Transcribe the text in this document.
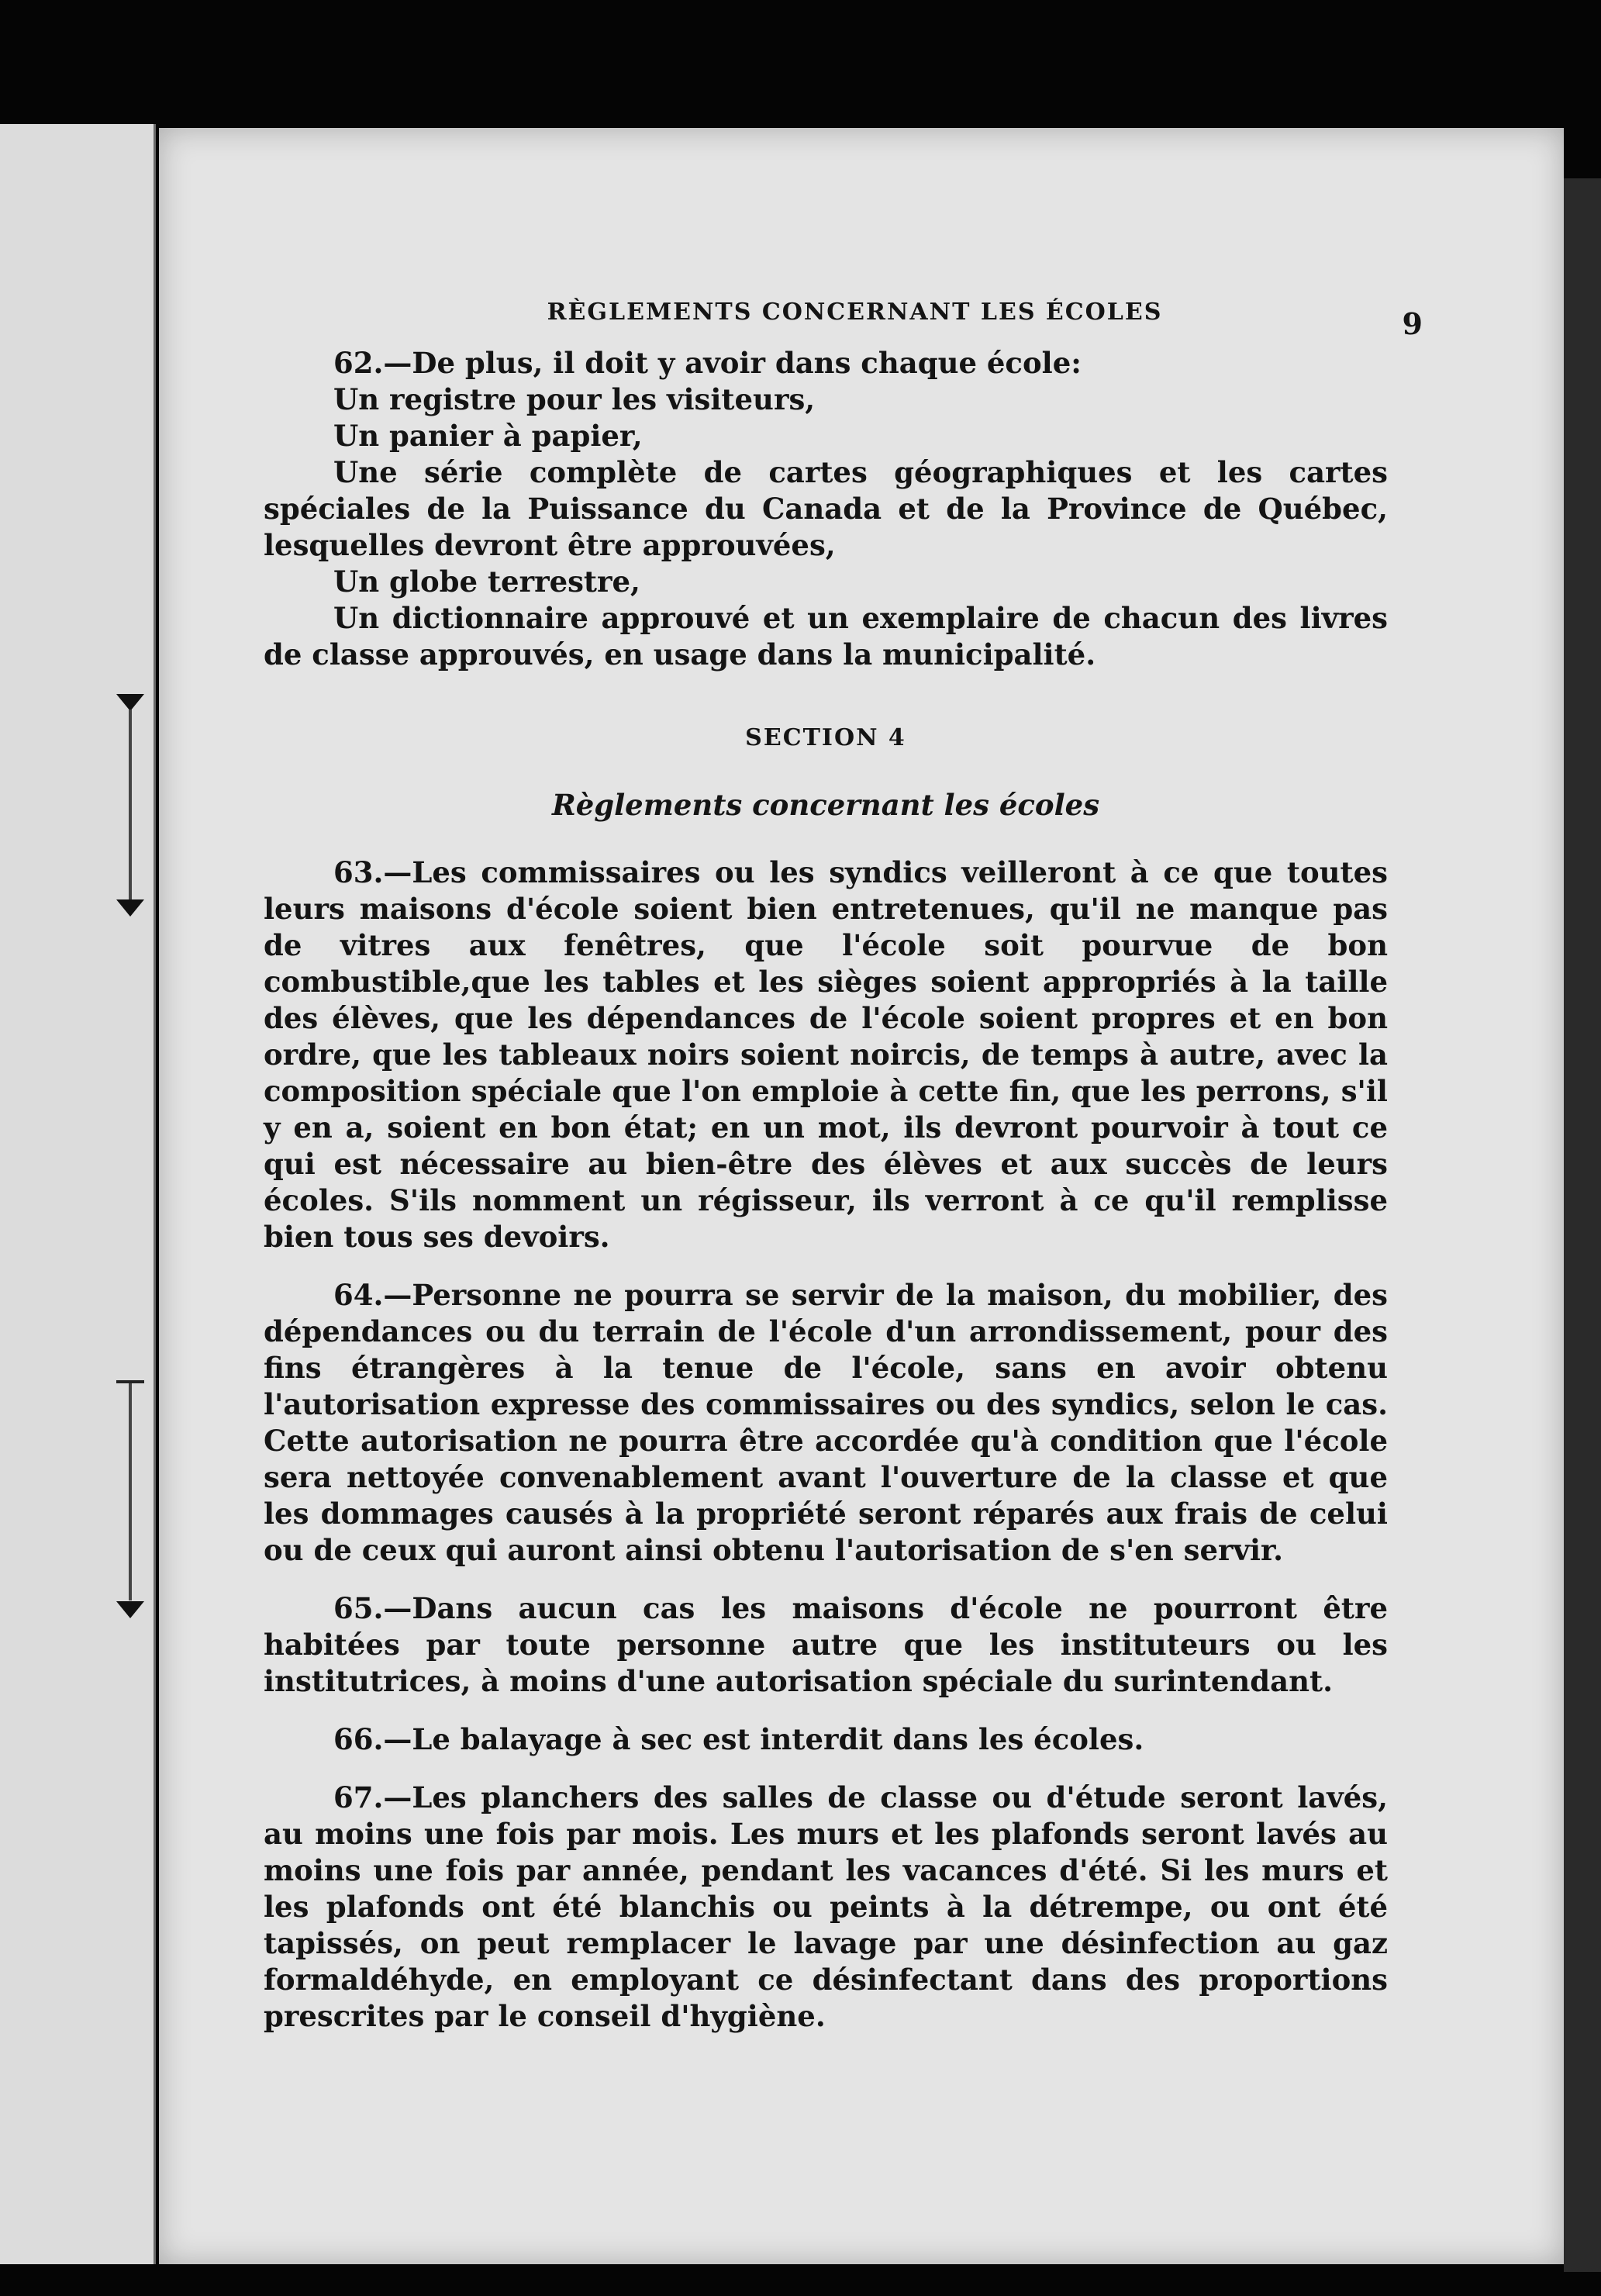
RÈGLEMENTS CONCERNANT LES ÉCOLES	9

62.—De plus, il doit y avoir dans chaque école:

Un registre pour les visiteurs,

Un panier à papier,

Une série complète de cartes géographiques et les cartes spéciales de la Puissance du Canada et de la Province de Québec, lesquelles devront être approuvées,

Un globe terrestre,

Un dictionnaire approuvé et un exemplaire de chacun des livres de classe approuvés, en usage dans la municipalité.

SECTION 4

Règlements concernant les écoles

63.—Les commissaires ou les syndics veilleront à ce que toutes leurs maisons d'école soient bien entretenues, qu'il ne manque pas de vitres aux fenêtres, que l'école soit pourvue de bon combustible,que les tables et les sièges soient appropriés à la taille des élèves, que les dépendances de l'école soient propres et en bon ordre, que les tableaux noirs soient noircis, de temps à autre, avec la composition spéciale que l'on emploie à cette fin, que les perrons, s'il y en a, soient en bon état; en un mot, ils devront pourvoir à tout ce qui est nécessaire au bien-être des élèves et aux succès de leurs écoles. S'ils nomment un régisseur, ils verront à ce qu'il remplisse bien tous ses devoirs.

64.—Personne ne pourra se servir de la maison, du mobilier, des dépendances ou du terrain de l'école d'un arrondissement, pour des fins étrangères à la tenue de l'école, sans en avoir obtenu l'autorisation expresse des commissaires ou des syndics, selon le cas. Cette autorisation ne pourra être accordée qu'à condition que l'école sera nettoyée convenablement avant l'ouverture de la classe et que les dommages causés à la propriété seront réparés aux frais de celui ou de ceux qui auront ainsi obtenu l'autorisation de s'en servir.

65.—Dans aucun cas les maisons d'école ne pourront être habitées par toute personne autre que les instituteurs ou les institutrices, à moins d'une autorisation spéciale du surintendant.

66.—Le balayage à sec est interdit dans les écoles.

67.—Les planchers des salles de classe ou d'étude seront lavés, au moins une fois par mois. Les murs et les plafonds seront lavés au moins une fois par année, pendant les vacances d'été. Si les murs et les plafonds ont été blanchis ou peints à la détrempe, ou ont été tapissés, on peut remplacer le lavage par une désinfection au gaz formaldéhyde, en employant ce désinfectant dans des proportions prescrites par le conseil d'hygiène.
